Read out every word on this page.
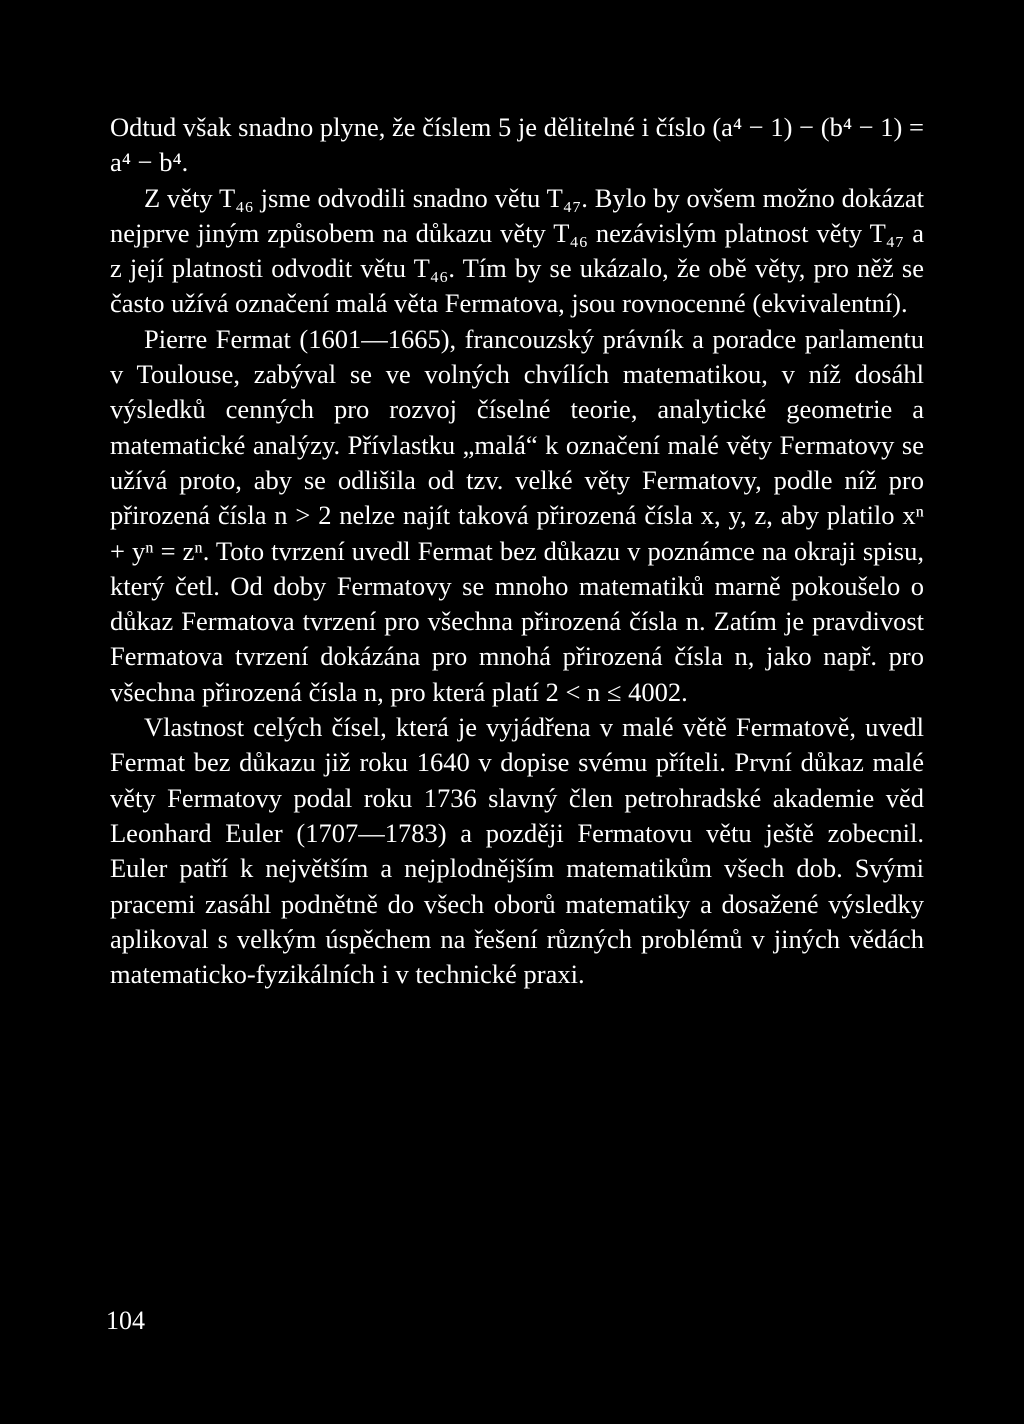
Odtud však snadno plyne, že číslem 5 je dělitelné i číslo (a⁴ − 1) − (b⁴ − 1) = a⁴ − b⁴.

Z věty T₄₆ jsme odvodili snadno větu T₄₇. Bylo by ovšem možno dokázat nejprve jiným způsobem na důkazu věty T₄₆ nezávislým platnost věty T₄₇ a z její platnosti odvodit větu T₄₆. Tím by se ukázalo, že obě věty, pro něž se často užívá označení malá věta Fermatova, jsou rovnocenné (ekvivalentní).

Pierre Fermat (1601—1665), francouzský právník a poradce parlamentu v Toulouse, zabýval se ve volných chvílích matematikou, v níž dosáhl výsledků cenných pro rozvoj číselné teorie, analytické geometrie a matematické analýzy. Přívlastku „malá“ k označení malé věty Fermatovy se užívá proto, aby se odlišila od tzv. velké věty Fermatovy, podle níž pro přirozená čísla n > 2 nelze najít taková přirozená čísla x, y, z, aby platilo xⁿ + yⁿ = zⁿ. Toto tvrzení uvedl Fermat bez důkazu v poznámce na okraji spisu, který četl. Od doby Fermatovy se mnoho matematiků marně pokoušelo o důkaz Fermatova tvrzení pro všechna přirozená čísla n. Zatím je pravdivost Fermatova tvrzení dokázána pro mnohá přirozená čísla n, jako např. pro všechna přirozená čísla n, pro která platí 2 < n ≤ 4002.

Vlastnost celých čísel, která je vyjádřena v malé větě Fermatově, uvedl Fermat bez důkazu již roku 1640 v dopise svému příteli. První důkaz malé věty Fermatovy podal roku 1736 slavný člen petrohradské akademie věd Leonhard Euler (1707—1783) a později Fermatovu větu ještě zobecnil. Euler patří k největším a nejplodnějším matematikům všech dob. Svými pracemi zasáhl podnětně do všech oborů matematiky a dosažené výsledky aplikoval s velkým úspěchem na řešení různých problémů v jiných vědách matematicko-fyzikálních i v technické praxi.

104
